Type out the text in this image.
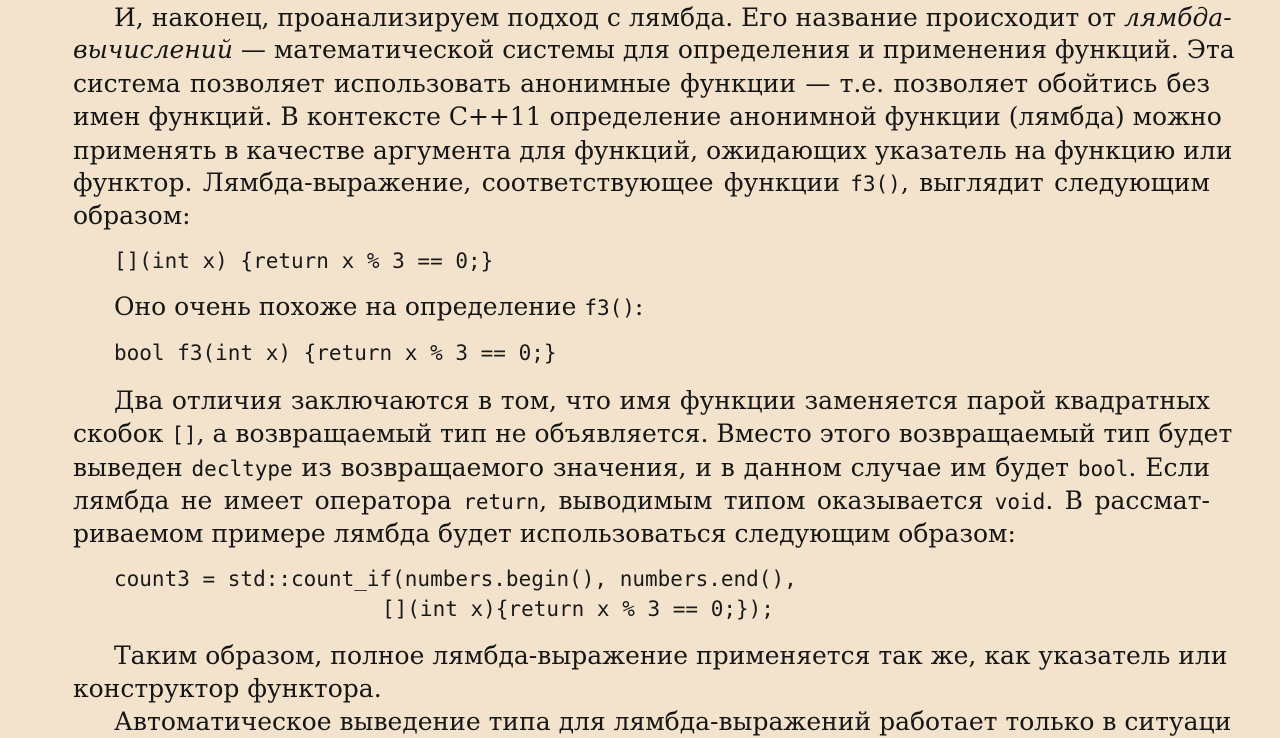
И, наконец, проанализируем подход с лямбда. Его название происходит от лямбда-
вычислений — математической системы для определения и применения функций. Эта
система позволяет использовать анонимные функции — т.е. позволяет обойтись без
имен функций. В контексте C++11 определение анонимной функции (лямбда) можно
применять в качестве аргумента для функций, ожидающих указатель на функцию или
функтор. Лямбда-выражение, соответствующее функции f3(), выглядит следующим
образом:
[](int x) {return x % 3 == 0;}
Оно очень похоже на определение f3():
bool f3(int x) {return x % 3 == 0;}
Два отличия заключаются в том, что имя функции заменяется парой квадратных
скобок [], а возвращаемый тип не объявляется. Вместо этого возвращаемый тип будет
выведен decltype из возвращаемого значения, и в данном случае им будет bool. Если
лямбда не имеет оператора return, выводимым типом оказывается void. В рассмат-
риваемом примере лямбда будет использоваться следующим образом:
count3 = std::count_if(numbers.begin(), numbers.end(),
[](int x){return x % 3 == 0;});
Таким образом, полное лямбда-выражение применяется так же, как указатель или
конструктор функтора.
Автоматическое выведение типа для лямбда-выражений работает только в ситуаци
